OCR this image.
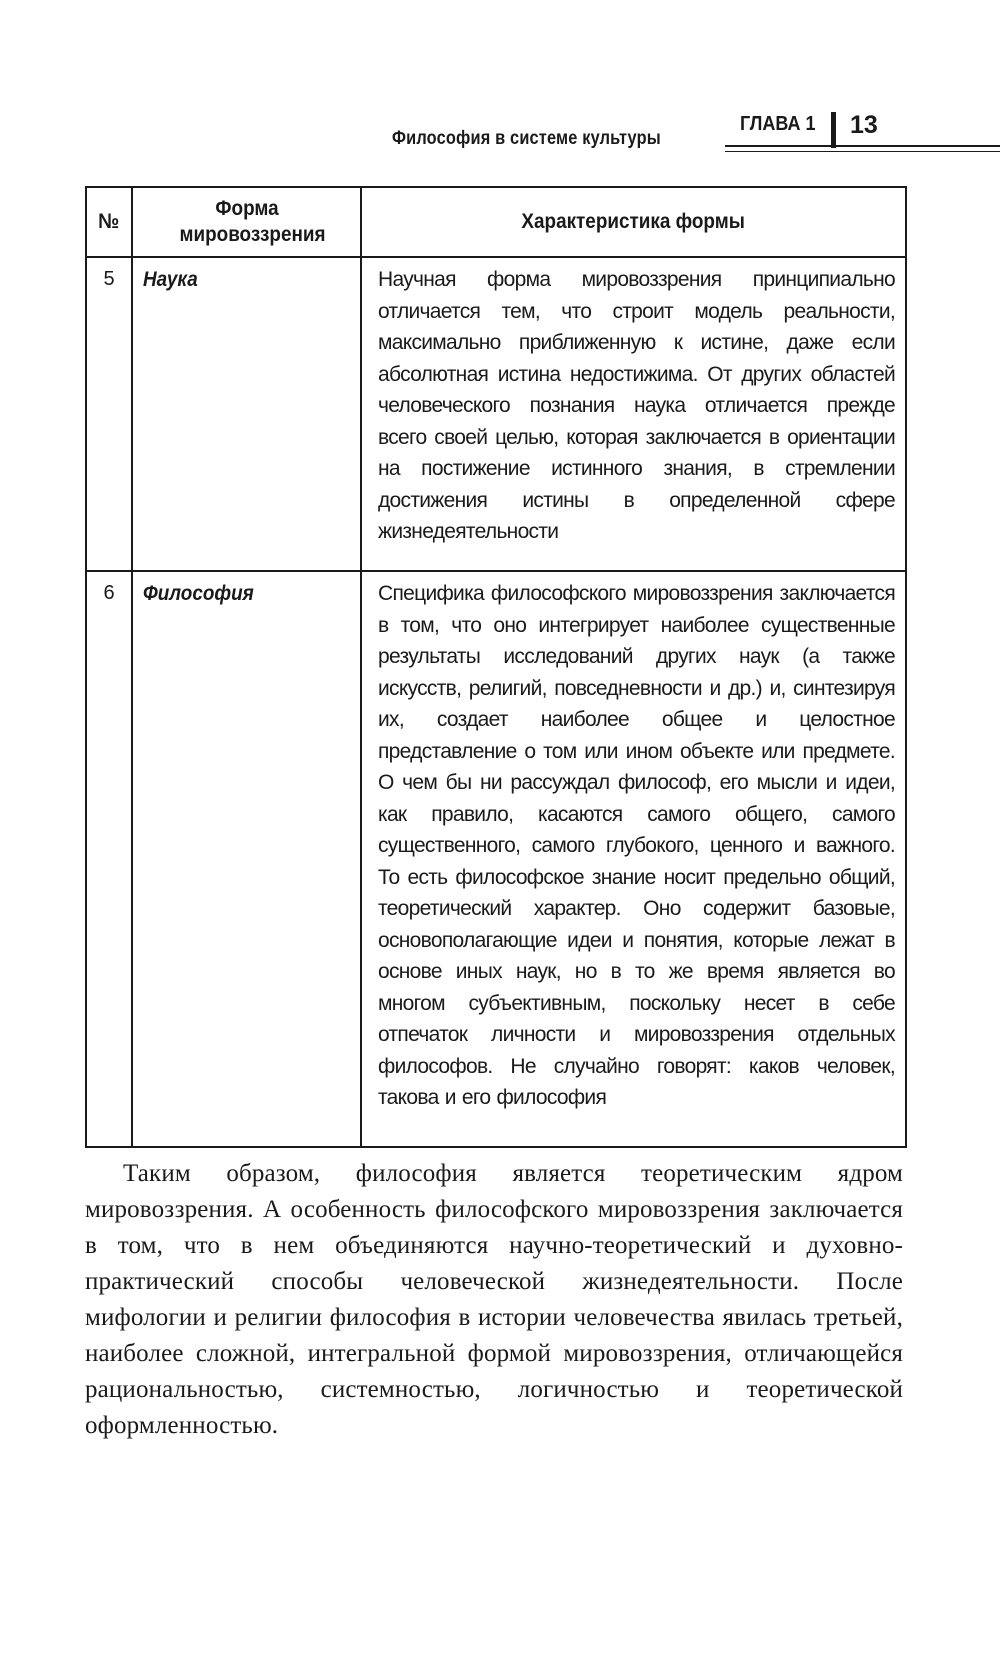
Философия в системе культуры
ГЛАВА 1 13
№	Форма мировоззрения	Характеристика формы
5	Наука	Научная форма мировоззрения принципиально отличается тем, что строит модель реальности, максимально приближенную к истине, даже если абсолютная истина недостижима. От других областей человеческого познания наука отличается прежде всего своей целью, которая заключается в ориентации на постижение истинного знания, в стремлении достижения истины в определенной сфере жизнедеятельности
6	Философия	Специфика философского мировоззрения заключается в том, что оно интегрирует наиболее существенные результаты исследований других наук (а также искусств, религий, повседневности и др.) и, синтезируя их, создает наиболее общее и целостное представление о том или ином объекте или предмете. О чем бы ни рассуждал философ, его мысли и идеи, как правило, касаются самого общего, самого существенного, самого глубокого, ценного и важного. То есть философское знание носит предельно общий, теоретический характер. Оно содержит базовые, основополагающие идеи и понятия, которые лежат в основе иных наук, но в то же время является во многом субъективным, поскольку несет в себе отпечаток личности и мировоззрения отдельных философов. Не случайно говорят: каков человек, такова и его философия

Таким образом, философия является теоретическим ядром мировоззрения. А особенность философского мировоззрения заключается в том, что в нем объединяются научно-теоретический и духовно-практический способы человеческой жизнедеятельности. После мифологии и религии философия в истории человечества явилась третьей, наиболее сложной, интегральной формой мировоззрения, отличающейся рациональностью, системностью, логичностью и теоретической оформленностью.
